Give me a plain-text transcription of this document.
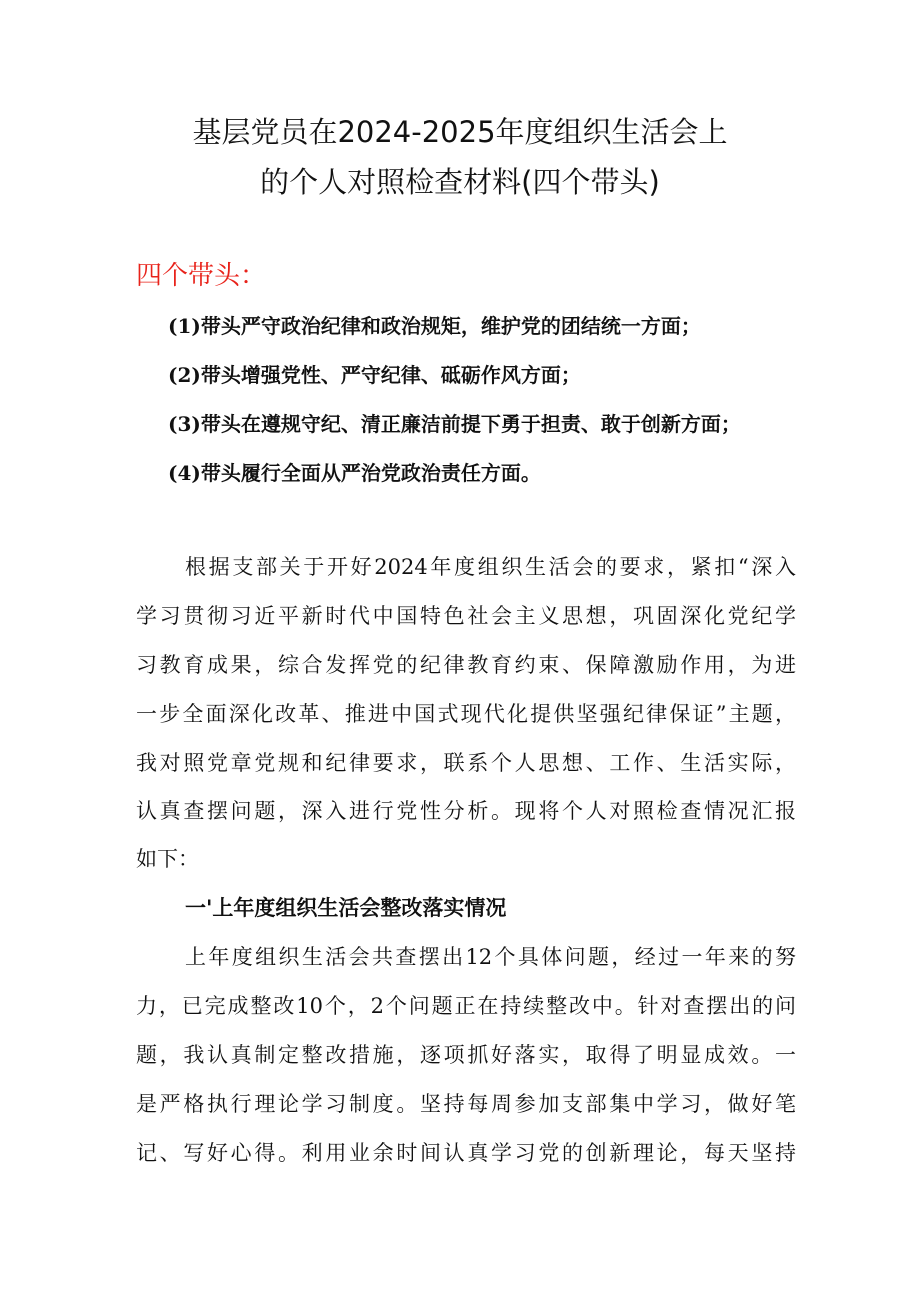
基层党员在2024-2025年度组织生活会上
的个人对照检查材料(四个带头)
四个带头：
(1)带头严守政治纪律和政治规矩，维护党的团结统一方面；
(2)带头增强党性、严守纪律、砥砺作风方面；
(3)带头在遵规守纪、清正廉洁前提下勇于担责、敢于创新方面；
(4)带头履行全面从严治党政治责任方面。
根据支部关于开好2024年度组织生活会的要求，紧扣“深入
学习贯彻习近平新时代中国特色社会主义思想，巩固深化党纪学
习教育成果，综合发挥党的纪律教育约束、保障激励作用，为进
一步全面深化改革、推进中国式现代化提供坚强纪律保证”主题，
我对照党章党规和纪律要求，联系个人思想、工作、生活实际，
认真查摆问题，深入进行党性分析。现将个人对照检查情况汇报
如下：
一'上年度组织生活会整改落实情况
上年度组织生活会共查摆出12个具体问题，经过一年来的努
力，已完成整改10个，2个问题正在持续整改中。针对查摆出的问
题，我认真制定整改措施，逐项抓好落实，取得了明显成效。一
是严格执行理论学习制度。坚持每周参加支部集中学习，做好笔
记、写好心得。利用业余时间认真学习党的创新理论，每天坚持
